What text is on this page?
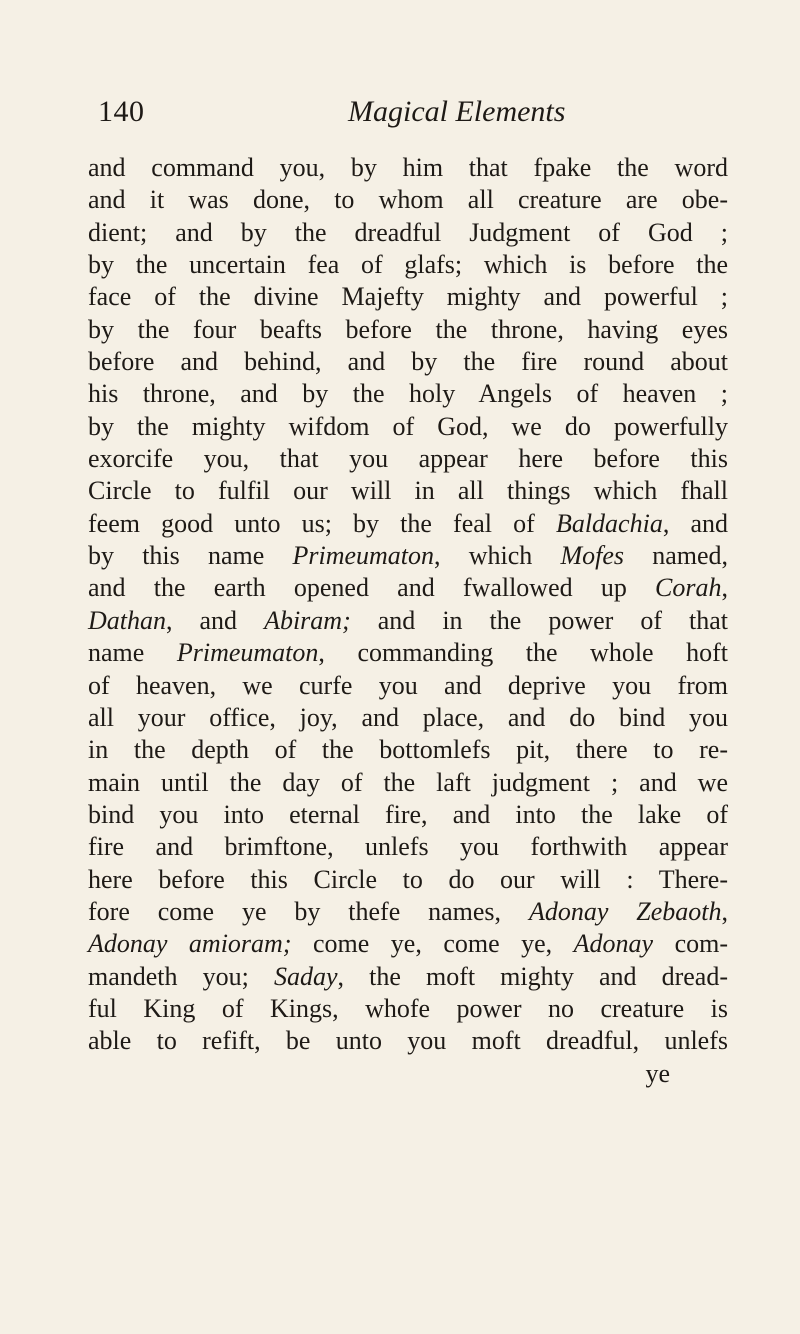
140	Magical Elements
and command you, by him that fpake the word
and it was done, to whom all creature are obe-
dient; and by the dreadful Judgment of God ;
by the uncertain fea of glafs; which is before the
face of the divine Majefty mighty and powerful ;
by the four beafts before the throne, having eyes
before and behind, and by the fire round about
his throne, and by the holy Angels of heaven ;
by the mighty wifdom of God, we do powerfully
exorcife you, that you appear here before this
Circle to fulfil our will in all things which fhall
feem good unto us; by the feal of Baldachia, and
by this name Primeumaton, which Mofes named,
and the earth opened and fwallowed up Corah,
Dathan, and Abiram; and in the power of that
name Primeumaton, commanding the whole hoft
of heaven, we curfe you and deprive you from
all your office, joy, and place, and do bind you
in the depth of the bottomlefs pit, there to re-
main until the day of the laft judgment ; and we
bind you into eternal fire, and into the lake of
fire and brimftone, unlefs you forthwith appear
here before this Circle to do our will : There-
fore come ye by thefe names, Adonay Zebaoth,
Adonay amioram; come ye, come ye, Adonay com-
mandeth you; Saday, the moft mighty and dread-
ful King of Kings, whofe power no creature is
able to refift, be unto you moft dreadful, unlefs
ye
